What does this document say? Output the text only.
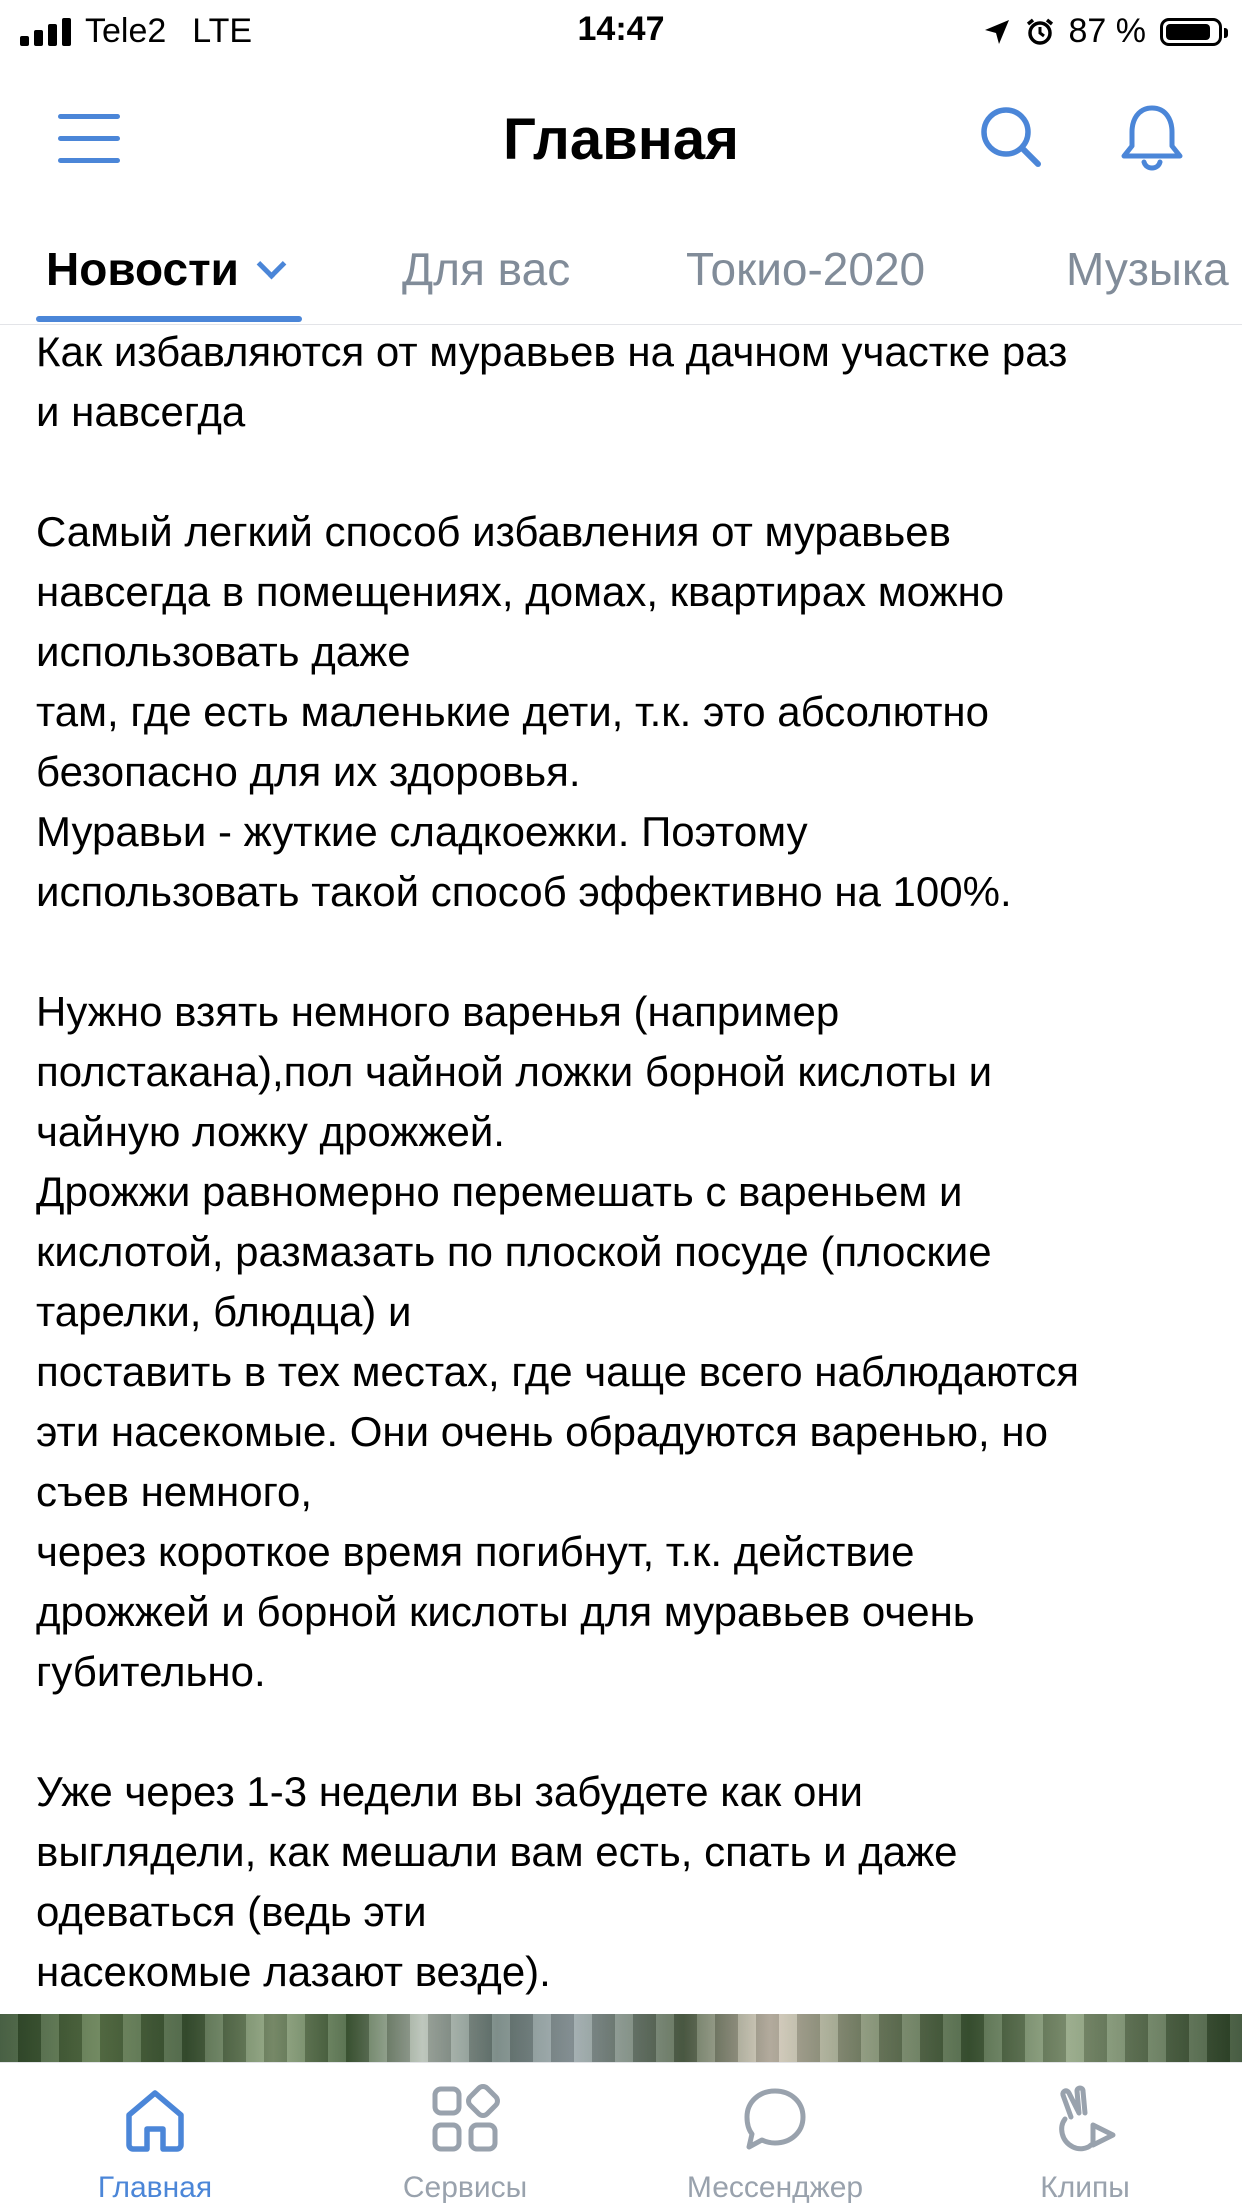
Tele2 LTE	14:47	87 %
Главная
Новости	Для вас	Токио-2020	Музыка

Как избавляются от муравьев на дачном участке раз
и навсегда

Самый легкий способ избавления от муравьев
навсегда в помещениях, домах, квартирах можно
использовать даже
там, где есть маленькие дети, т.к. это абсолютно
безопасно для их здоровья.
Муравьи - жуткие сладкоежки. Поэтому
использовать такой способ эффективно на 100%.

Нужно взять немного варенья (например
полстакана),пол чайной ложки борной кислоты и
чайную ложку дрожжей.
Дрожжи равномерно перемешать с вареньем и
кислотой, размазать по плоской посуде (плоские
тарелки, блюдца) и
поставить в тех местах, где чаще всего наблюдаются
эти насекомые. Они очень обрадуются варенью, но
съев немного,
через короткое время погибнут, т.к. действие
дрожжей и борной кислоты для муравьев очень
губительно.

Уже через 1-3 недели вы забудете как они
выглядели, как мешали вам есть, спать и даже
одеваться (ведь эти
насекомые лазают везде).

Главная	Сервисы	Мессенджер	Клипы
